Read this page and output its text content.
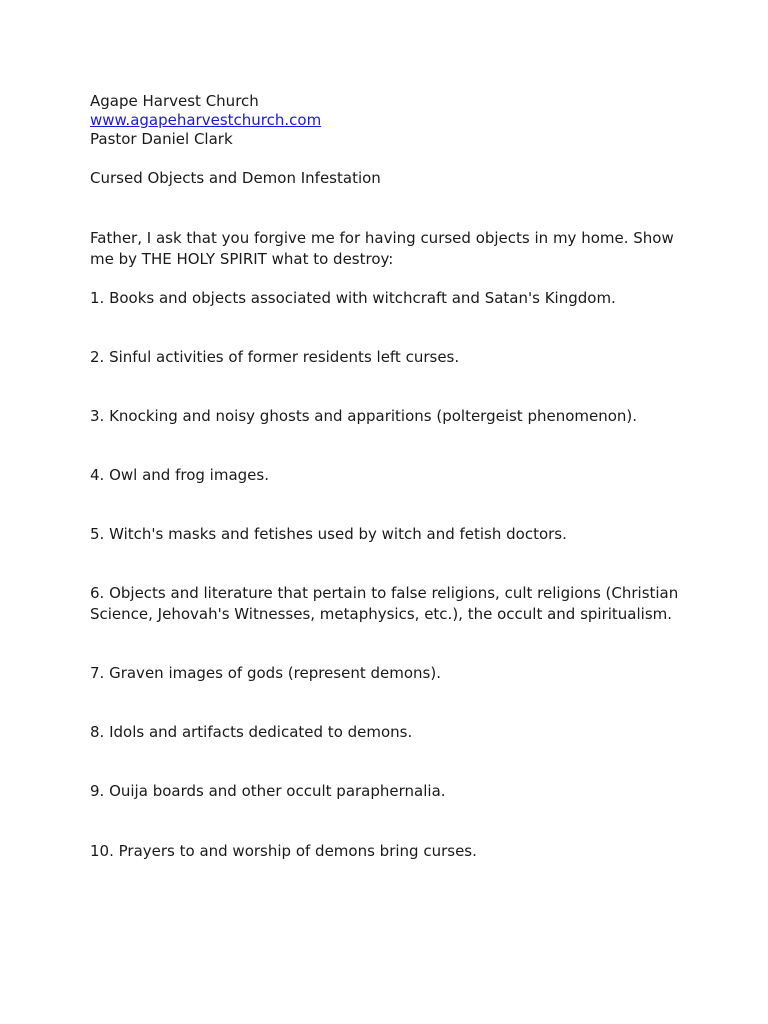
Agape Harvest Church
www.agapeharvestchurch.com
Pastor Daniel Clark
Cursed Objects and Demon Infestation
Father, I ask that you forgive me for having cursed objects in my home. Show me by THE HOLY SPIRIT what to destroy:
1. Books and objects associated with witchcraft and Satan's Kingdom.
2. Sinful activities of former residents left curses.
3. Knocking and noisy ghosts and apparitions (poltergeist phenomenon).
4. Owl and frog images.
5. Witch's masks and fetishes used by witch and fetish doctors.
6. Objects and literature that pertain to false religions, cult religions (Christian Science, Jehovah's Witnesses, metaphysics, etc.), the occult and spiritualism.
7. Graven images of gods (represent demons).
8. Idols and artifacts dedicated to demons.
9. Ouija boards and other occult paraphernalia.
10. Prayers to and worship of demons bring curses.
